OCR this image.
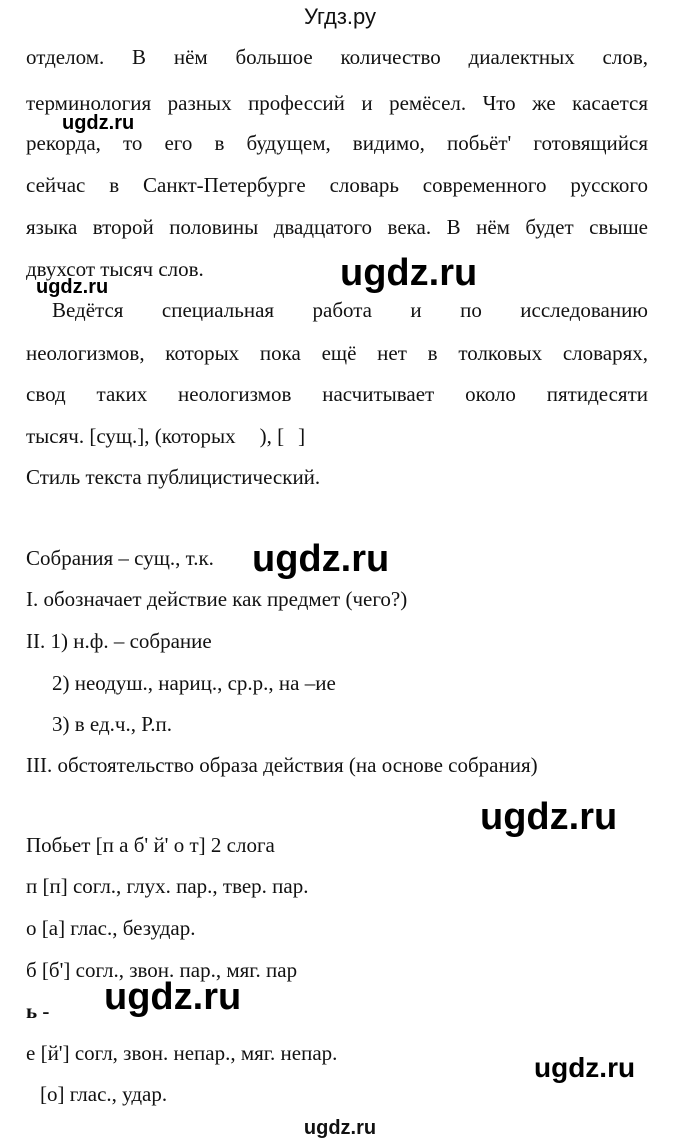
Угдз.ру
отделом. В нём большое количество диалектных слов,
терминология разных профессий и ремёсел. Что же касается
рекорда, то его в будущем, видимо, побьёт' готовящийся
сейчас в Санкт-Петербурге словарь современного русского
языка второй половины двадцатого века. В нём будет свыше
двухсот тысяч слов.
Ведётся специальная работа и по исследованию
неологизмов, которых пока ещё нет в толковых словарях,
свод таких неологизмов насчитывает около пятидесяти
тысяч. [сущ.], (которых ), [ ]
Стиль текста публицистический.
Собрания – сущ., т.к.
I. обозначает действие как предмет (чего?)
II. 1) н.ф. – собрание
2) неодуш., нариц., ср.р., на –ие
3) в ед.ч., Р.п.
III. обстоятельство образа действия (на основе собрания)
Побьет [п а б' й' о т] 2 слога
п [п] согл., глух. пар., твер. пар.
о [а] глас., безудар.
б [б'] согл., звон. пар., мяг. пар
ь -
е [й'] согл, звон. непар., мяг. непар.
[о] глас., удар.
ugdz.ru
ugdz.ru
ugdz.ru
ugdz.ru
ugdz.ru
ugdz.ru
ugdz.ru
ugdz.ru
